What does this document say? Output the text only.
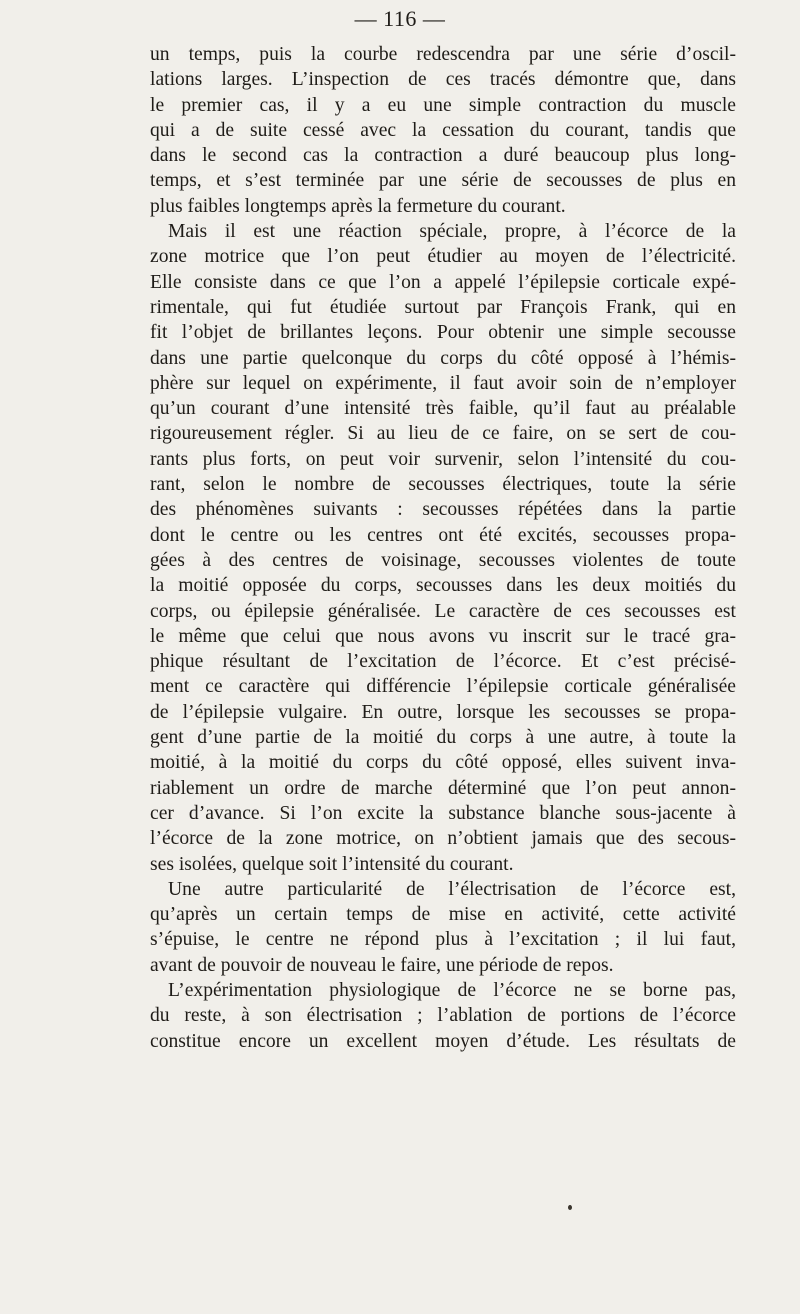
— 116 —
un temps, puis la courbe redescendra par une série d’oscil-
lations larges. L’inspection de ces tracés démontre que, dans
le premier cas, il y a eu une simple contraction du muscle
qui a de suite cessé avec la cessation du courant, tandis que
dans le second cas la contraction a duré beaucoup plus long-
temps, et s’est terminée par une série de secousses de plus en
plus faibles longtemps après la fermeture du courant.
Mais il est une réaction spéciale, propre, à l’écorce de la
zone motrice que l’on peut étudier au moyen de l’électricité.
Elle consiste dans ce que l’on a appelé l’épilepsie corticale expé-
rimentale, qui fut étudiée surtout par François Frank, qui en
fit l’objet de brillantes leçons. Pour obtenir une simple secousse
dans une partie quelconque du corps du côté opposé à l’hémis-
phère sur lequel on expérimente, il faut avoir soin de n’employer
qu’un courant d’une intensité très faible, qu’il faut au préalable
rigoureusement régler. Si au lieu de ce faire, on se sert de cou-
rants plus forts, on peut voir survenir, selon l’intensité du cou-
rant, selon le nombre de secousses électriques, toute la série
des phénomènes suivants : secousses répétées dans la partie
dont le centre ou les centres ont été excités, secousses propa-
gées à des centres de voisinage, secousses violentes de toute
la moitié opposée du corps, secousses dans les deux moitiés du
corps, ou épilepsie généralisée. Le caractère de ces secousses est
le même que celui que nous avons vu inscrit sur le tracé gra-
phique résultant de l’excitation de l’écorce. Et c’est précisé-
ment ce caractère qui différencie l’épilepsie corticale généralisée
de l’épilepsie vulgaire. En outre, lorsque les secousses se propa-
gent d’une partie de la moitié du corps à une autre, à toute la
moitié, à la moitié du corps du côté opposé, elles suivent inva-
riablement un ordre de marche déterminé que l’on peut annon-
cer d’avance. Si l’on excite la substance blanche sous-jacente à
l’écorce de la zone motrice, on n’obtient jamais que des secous-
ses isolées, quelque soit l’intensité du courant.
Une autre particularité de l’électrisation de l’écorce est,
qu’après un certain temps de mise en activité, cette activité
s’épuise, le centre ne répond plus à l’excitation ; il lui faut,
avant de pouvoir de nouveau le faire, une période de repos.
L’expérimentation physiologique de l’écorce ne se borne pas,
du reste, à son électrisation ; l’ablation de portions de l’écorce
constitue encore un excellent moyen d’étude. Les résultats de
